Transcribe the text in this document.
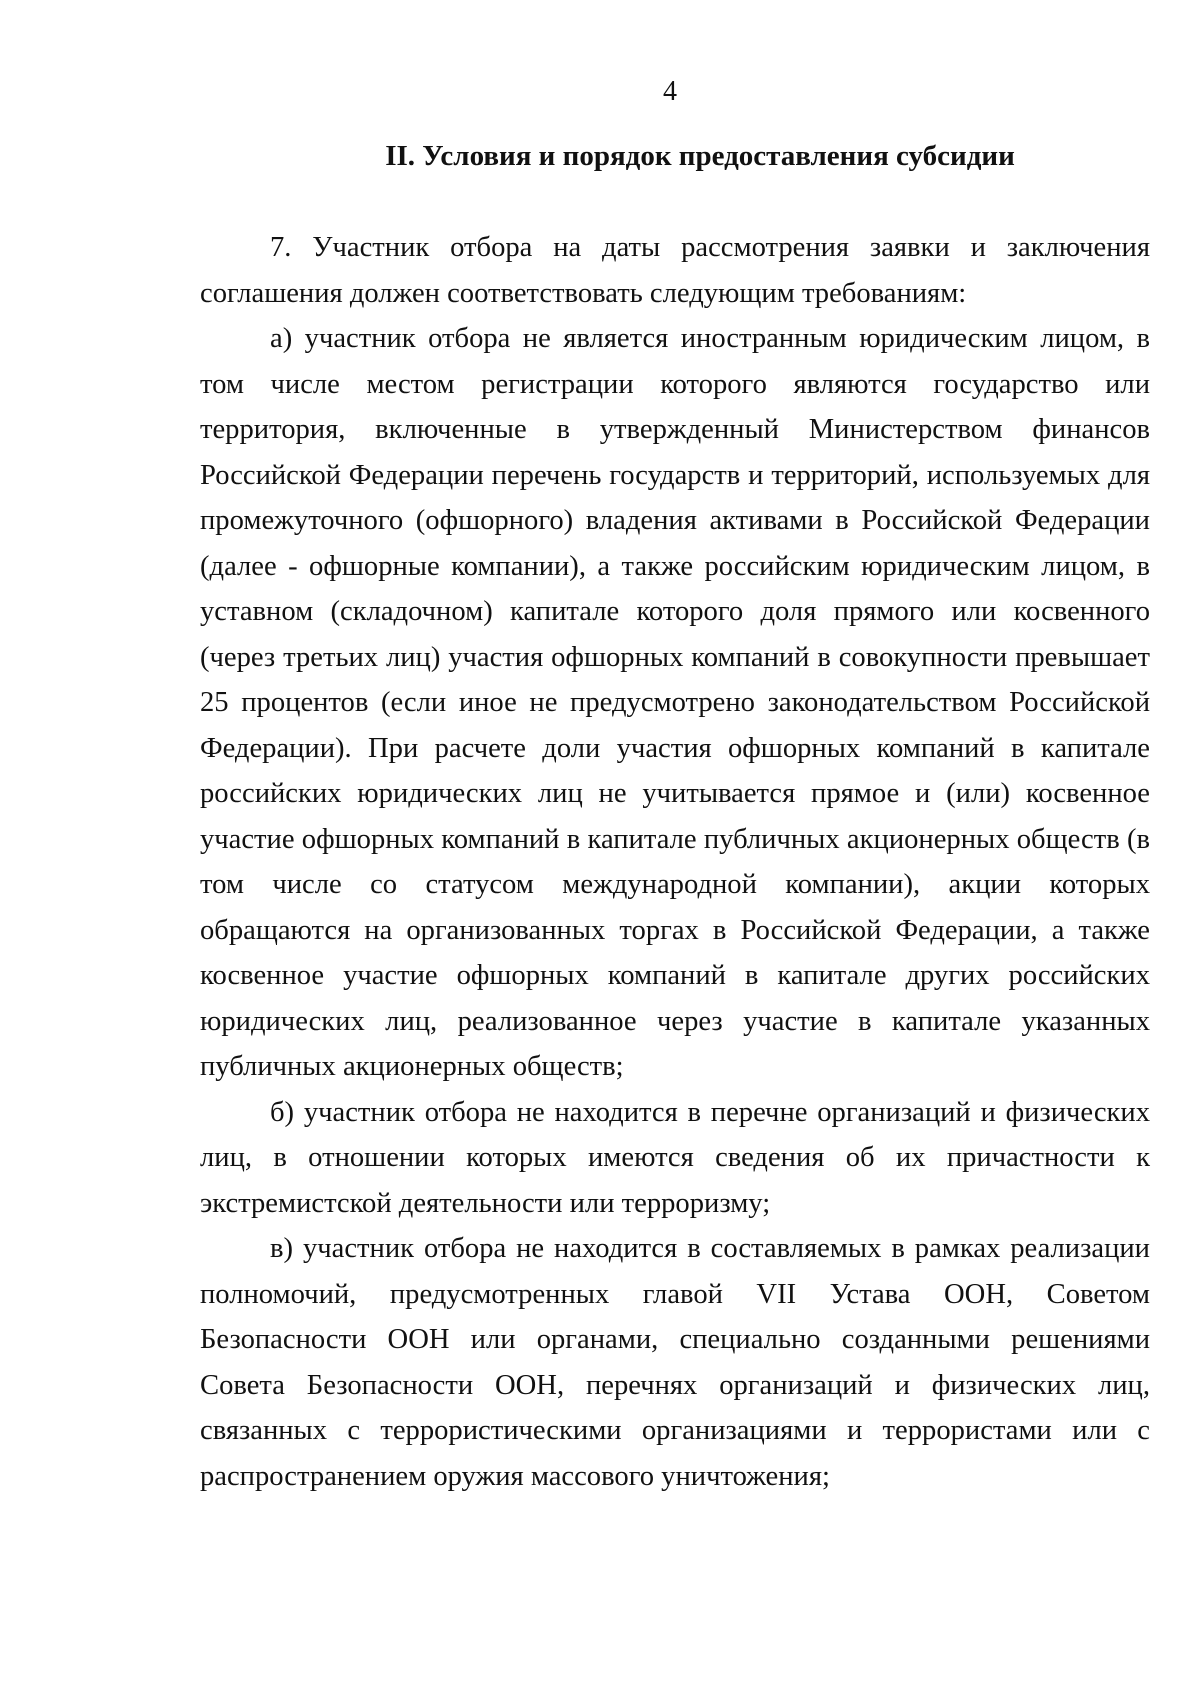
4
II. Условия и порядок предоставления субсидии

7. Участник отбора на даты рассмотрения заявки и заключения соглашения должен соответствовать следующим требованиям:

а) участник отбора не является иностранным юридическим лицом, в том числе местом регистрации которого являются государство или территория, включенные в утвержденный Министерством финансов Российской Федерации перечень государств и территорий, используемых для промежуточного (офшорного) владения активами в Российской Федерации (далее - офшорные компании), а также российским юридическим лицом, в уставном (складочном) капитале которого доля прямого или косвенного (через третьих лиц) участия офшорных компаний в совокупности превышает 25 процентов (если иное не предусмотрено законодательством Российской Федерации). При расчете доли участия офшорных компаний в капитале российских юридических лиц не учитывается прямое и (или) косвенное участие офшорных компаний в капитале публичных акционерных обществ (в том числе со статусом международной компании), акции которых обращаются на организованных торгах в Российской Федерации, а также косвенное участие офшорных компаний в капитале других российских юридических лиц, реализованное через участие в капитале указанных публичных акционерных обществ;

б) участник отбора не находится в перечне организаций и физических лиц, в отношении которых имеются сведения об их причастности к экстремистской деятельности или терроризму;

в) участник отбора не находится в составляемых в рамках реализации полномочий, предусмотренных главой VII Устава ООН, Советом Безопасности ООН или органами, специально созданными решениями Совета Безопасности ООН, перечнях организаций и физических лиц, связанных с террористическими организациями и террористами или с распространением оружия массового уничтожения;
